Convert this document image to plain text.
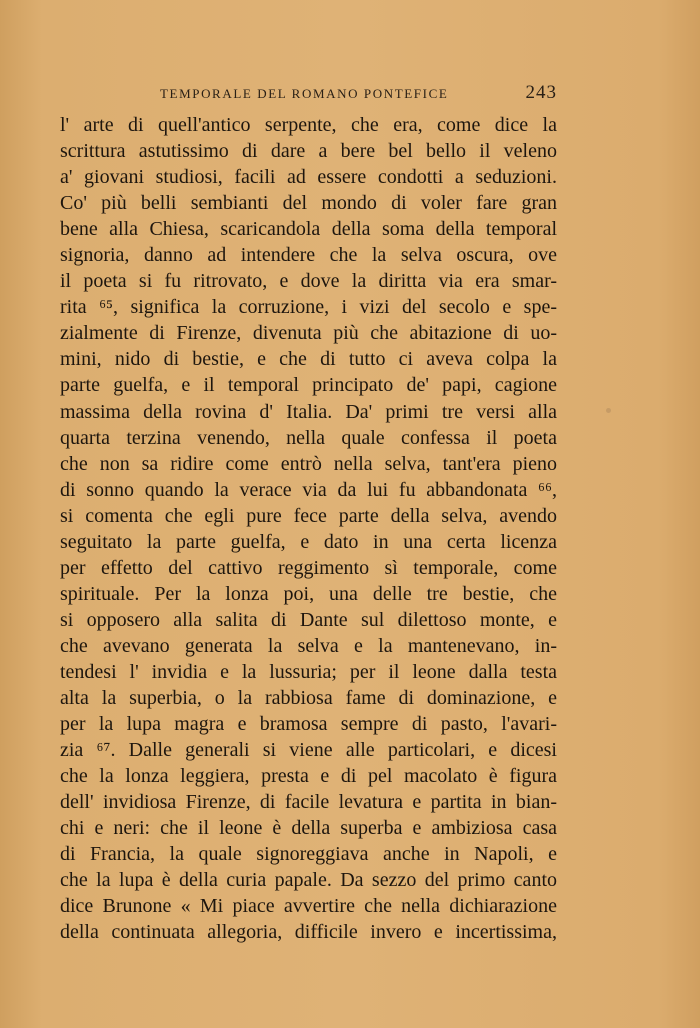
TEMPORALE DEL ROMANO PONTEFICE	243
l' arte di quell'antico serpente, che era, come dice la
scrittura astutissimo di dare a bere bel bello il veleno
a' giovani studiosi, facili ad essere condotti a seduzioni.
Co' più belli sembianti del mondo di voler fare gran
bene alla Chiesa, scaricandola della soma della temporal
signoria, danno ad intendere che la selva oscura, ove
il poeta si fu ritrovato, e dove la diritta via era smar-
rita ⁶⁵, significa la corruzione, i vizi del secolo e spe-
zialmente di Firenze, divenuta più che abitazione di uo-
mini, nido di bestie, e che di tutto ci aveva colpa la
parte guelfa, e il temporal principato de' papi, cagione
massima della rovina d' Italia. Da' primi tre versi alla
quarta terzina venendo, nella quale confessa il poeta
che non sa ridire come entrò nella selva, tant'era pieno
di sonno quando la verace via da lui fu abbandonata ⁶⁶,
si comenta che egli pure fece parte della selva, avendo
seguitato la parte guelfa, e dato in una certa licenza
per effetto del cattivo reggimento sì temporale, come
spirituale. Per la lonza poi, una delle tre bestie, che
si opposero alla salita di Dante sul dilettoso monte, e
che avevano generata la selva e la mantenevano, in-
tendesi l' invidia e la lussuria; per il leone dalla testa
alta la superbia, o la rabbiosa fame di dominazione, e
per la lupa magra e bramosa sempre di pasto, l'avari-
zia ⁶⁷. Dalle generali si viene alle particolari, e dicesi
che la lonza leggiera, presta e di pel macolato è figura
dell' invidiosa Firenze, di facile levatura e partita in bian-
chi e neri: che il leone è della superba e ambiziosa casa
di Francia, la quale signoreggiava anche in Napoli, e
che la lupa è della curia papale. Da sezzo del primo canto
dice Brunone « Mi piace avvertire che nella dichiarazione
della continuata allegoria, difficile invero e incertissima,
